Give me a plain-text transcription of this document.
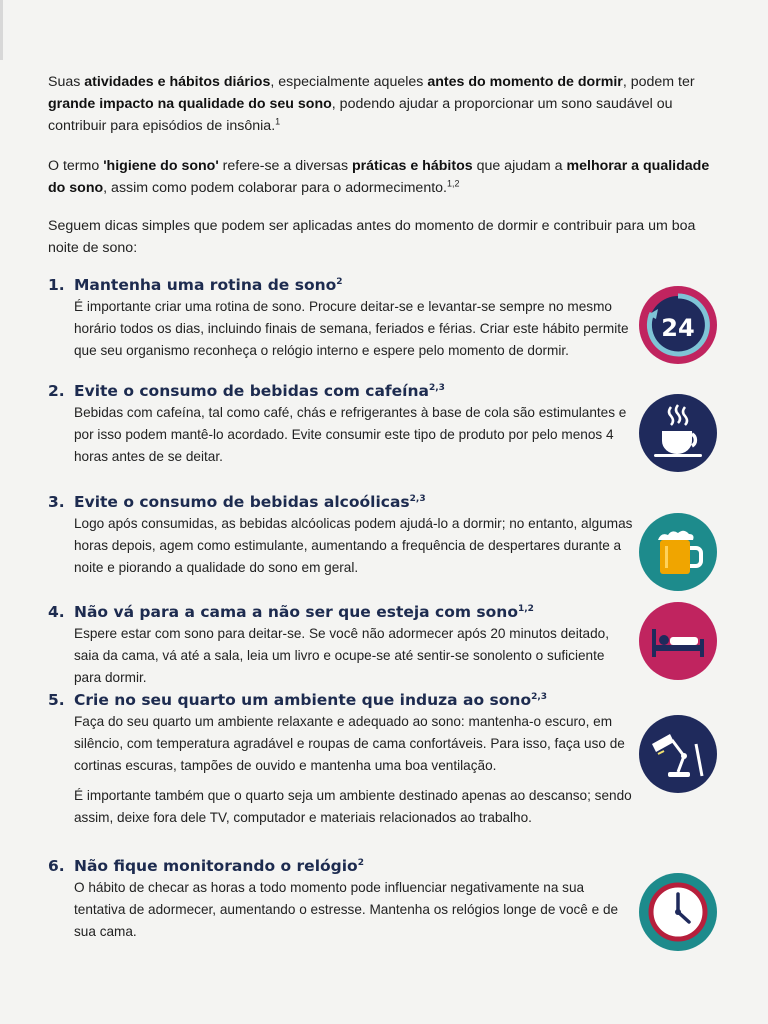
Suas atividades e hábitos diários, especialmente aqueles antes do momento de dormir, podem ter grande impacto na qualidade do seu sono, podendo ajudar a proporcionar um sono saudável ou contribuir para episódios de insônia.$^1$
O termo 'higiene do sono' refere-se a diversas práticas e hábitos que ajudam a melhorar a qualidade do sono, assim como podem colaborar para o adormecimento.$^{1,2}$
Seguem dicas simples que podem ser aplicadas antes do momento de dormir e contribuir para um boa noite de sono:
1. Mantenha uma rotina de sono$^2$

É importante criar uma rotina de sono. Procure deitar-se e levantar-se sempre no mesmo horário todos os dias, incluindo finais de semana, feriados e férias. Criar este hábito permite que seu organismo reconheça o relógio interno e espere pelo momento de dormir.

24
2. Evite o consumo de bebidas com cafeína$^{2,3}$

Bebidas com cafeína, tal como café, chás e refrigerantes à base de cola são estimulantes e por isso podem mantê-lo acordado. Evite consumir este tipo de produto por pelo menos 4 horas antes de se deitar.

3. Evite o consumo de bebidas alcoólicas$^{2,3}$

Logo após consumidas, as bebidas alcóolicas podem ajudá-lo a dormir; no entanto, algumas horas depois, agem como estimulante, aumentando a frequência de despertares durante a noite e piorando a qualidade do sono em geral.

4. Não vá para a cama a não ser que esteja com sono$^{1,2}$

Espere estar com sono para deitar-se. Se você não adormecer após 20 minutos deitado, saia da cama, vá até a sala, leia um livro e ocupe-se até sentir-se sonolento o suficiente para dormir.

5. Crie no seu quarto um ambiente que induza ao sono$^{2,3}$

Faça do seu quarto um ambiente relaxante e adequado ao sono: mantenha-o escuro, em silêncio, com temperatura agradável e roupas de cama confortáveis. Para isso, faça uso de cortinas escuras, tampões de ouvido e mantenha uma boa ventilação.

É importante também que o quarto seja um ambiente destinado apenas ao descanso; sendo assim, deixe fora dele TV, computador e materiais relacionados ao trabalho.

6. Não fique monitorando o relógio$^2$

O hábito de checar as horas a todo momento pode influenciar negativamente na sua tentativa de adormecer, aumentando o estresse. Mantenha os relógios longe de você e de sua cama.
